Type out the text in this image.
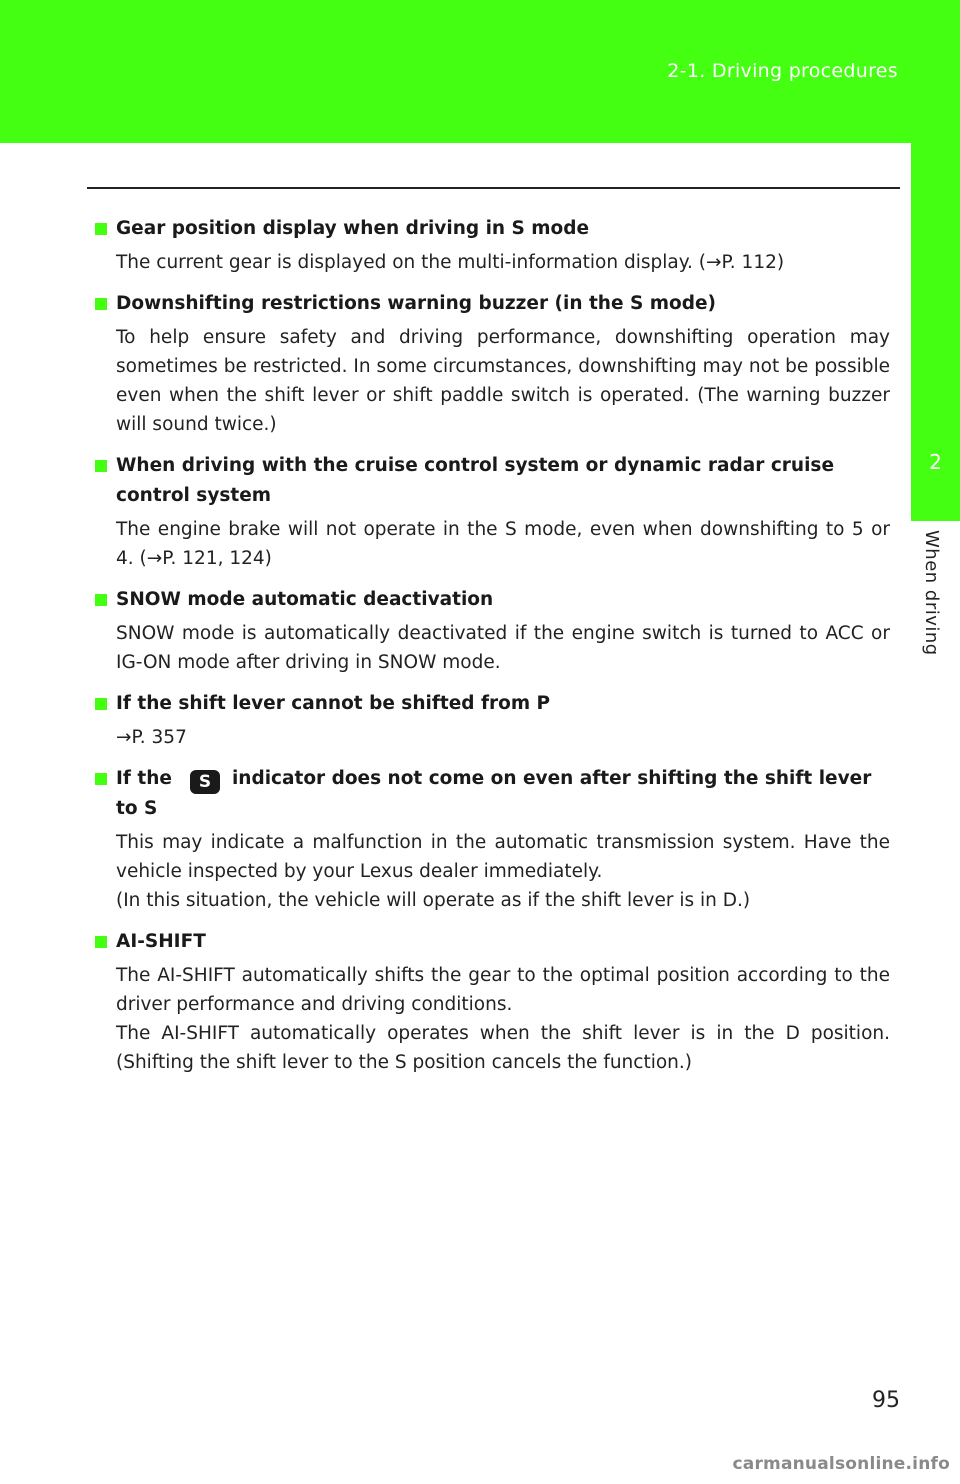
2-1. Driving procedures
2
When driving
Gear position display when driving in S mode

The current gear is displayed on the multi-information display. (→P. 112)

Downshifting restrictions warning buzzer (in the S mode)

To help ensure safety and driving performance, downshifting operation may sometimes be restricted. In some circumstances, downshifting may not be possible even when the shift lever or shift paddle switch is operated. (The warning buzzer will sound twice.)

When driving with the cruise control system or dynamic radar cruise control system

The engine brake will not operate in the S mode, even when downshifting to 5 or 4. (→P. 121, 124)

SNOW mode automatic deactivation

SNOW mode is automatically deactivated if the engine switch is turned to ACC or IG-ON mode after driving in SNOW mode.

If the shift lever cannot be shifted from P

→P. 357

If the S indicator does not come on even after shifting the shift lever to S

This may indicate a malfunction in the automatic transmission system. Have the vehicle inspected by your Lexus dealer immediately.

(In this situation, the vehicle will operate as if the shift lever is in D.)

AI-SHIFT

The AI-SHIFT automatically shifts the gear to the optimal position according to the driver performance and driving conditions.

The AI-SHIFT automatically operates when the shift lever is in the D position. (Shifting the shift lever to the S position cancels the function.)

95
carmanualsonline.info
